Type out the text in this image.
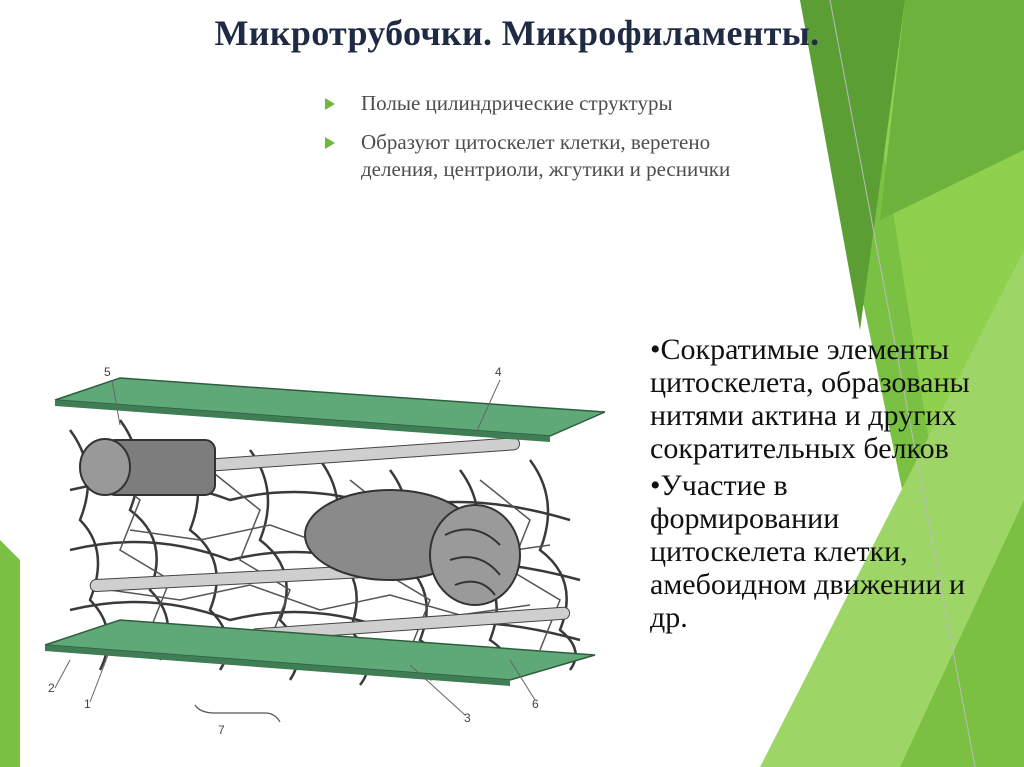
Микротрубочки. Микрофиламенты.
Полые цилиндрические структуры
Образуют цитоскелет клетки, веретено деления, центриоли, жгутики и реснички
•Сократимые элементы цитоскелета, образованы нитями актина и других сократительных белков
•Участие в формировании цитоскелета клетки, амебоидном движении и др.
5	4
2
1
7
3
6
